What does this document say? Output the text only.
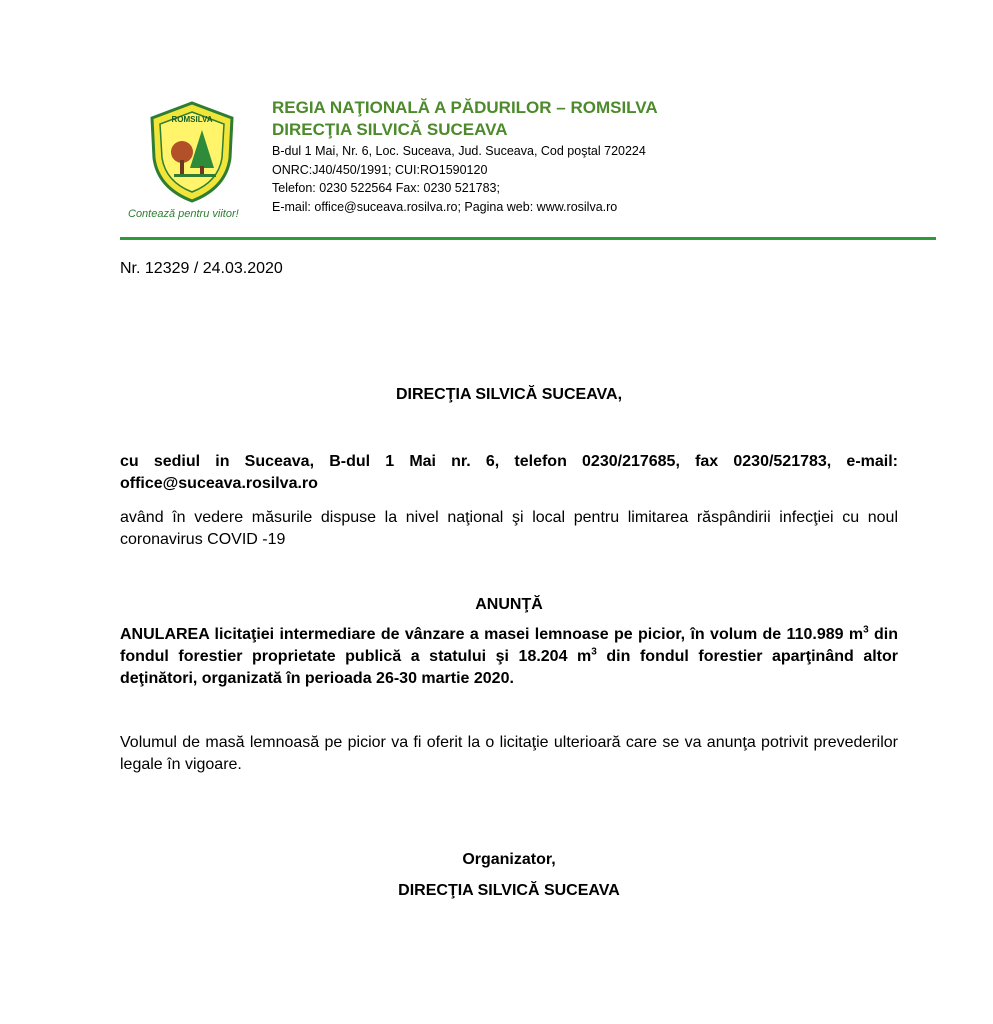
ROMSILVA
Contează pentru viitor!
REGIA NAŢIONALĂ A PĂDURILOR – ROMSILVA
DIRECŢIA SILVICĂ SUCEAVA
B-dul 1 Mai, Nr. 6, Loc. Suceava, Jud. Suceava, Cod poştal 720224
ONRC:J40/450/1991; CUI:RO1590120
Telefon: 0230 522564 Fax: 0230 521783;
E-mail: office@suceava.rosilva.ro; Pagina web: www.rosilva.ro
Nr. 12329 / 24.03.2020
DIRECŢIA SILVICĂ SUCEAVA,
cu sediul in Suceava, B-dul 1 Mai nr. 6, telefon 0230/217685, fax 0230/521783, e-mail: office@suceava.rosilva.ro
având în vedere măsurile dispuse la nivel naţional şi local pentru limitarea răspândirii infecţiei cu noul coronavirus COVID -19
ANUNŢĂ
ANULAREA licitaţiei intermediare de vânzare a masei lemnoase pe picior, în volum de 110.989 $m^3$ din fondul forestier proprietate publică a statului şi 18.204 $m^3$ din fondul forestier aparţinând altor deţinători, organizată în perioada 26-30 martie 2020.
Volumul de masă lemnoasă pe picior va fi oferit la o licitaţie ulterioară care se va anunţa potrivit prevederilor legale în vigoare.
Organizator,
DIRECŢIA SILVICĂ SUCEAVA
